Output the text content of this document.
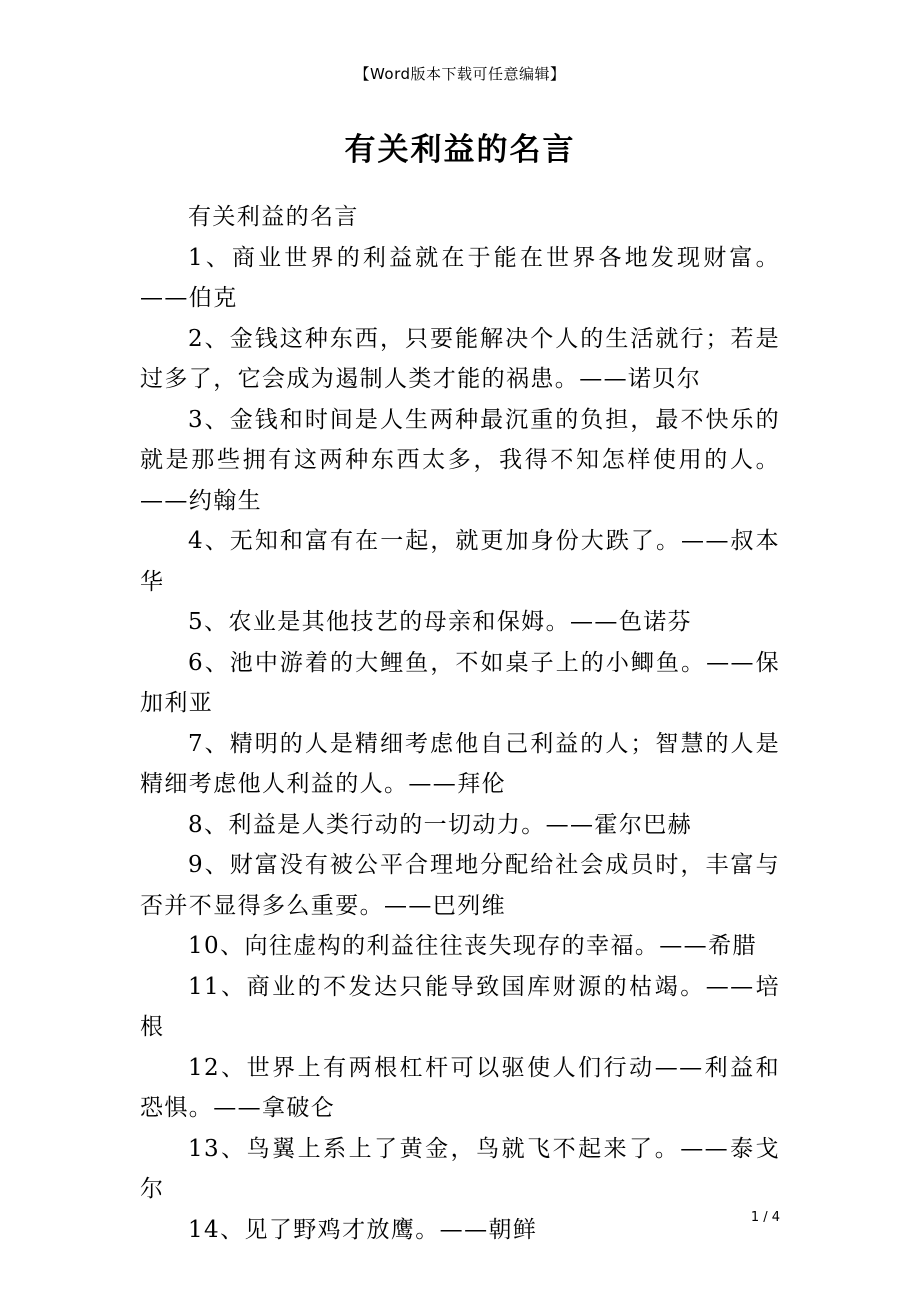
【Word版本下载可任意编辑】
有关利益的名言

有关利益的名言

1、商业世界的利益就在于能在世界各地发现财富。——伯克

2、金钱这种东西，只要能解决个人的生活就行；若是过多了，它会成为遏制人类才能的祸患。——诺贝尔

3、金钱和时间是人生两种最沉重的负担，最不快乐的就是那些拥有这两种东西太多，我得不知怎样使用的人。——约翰生

4、无知和富有在一起，就更加身份大跌了。——叔本华

5、农业是其他技艺的母亲和保姆。——色诺芬

6、池中游着的大鲤鱼，不如桌子上的小鲫鱼。——保加利亚

7、精明的人是精细考虑他自己利益的人；智慧的人是精细考虑他人利益的人。——拜伦

8、利益是人类行动的一切动力。——霍尔巴赫

9、财富没有被公平合理地分配给社会成员时，丰富与否并不显得多么重要。——巴列维

10、向往虚构的利益往往丧失现存的幸福。——希腊

11、商业的不发达只能导致国库财源的枯竭。——培根

12、世界上有两根杠杆可以驱使人们行动——利益和恐惧。——拿破仑

13、鸟翼上系上了黄金，鸟就飞不起来了。——泰戈尔

14、见了野鸡才放鹰。——朝鲜	1 / 4
